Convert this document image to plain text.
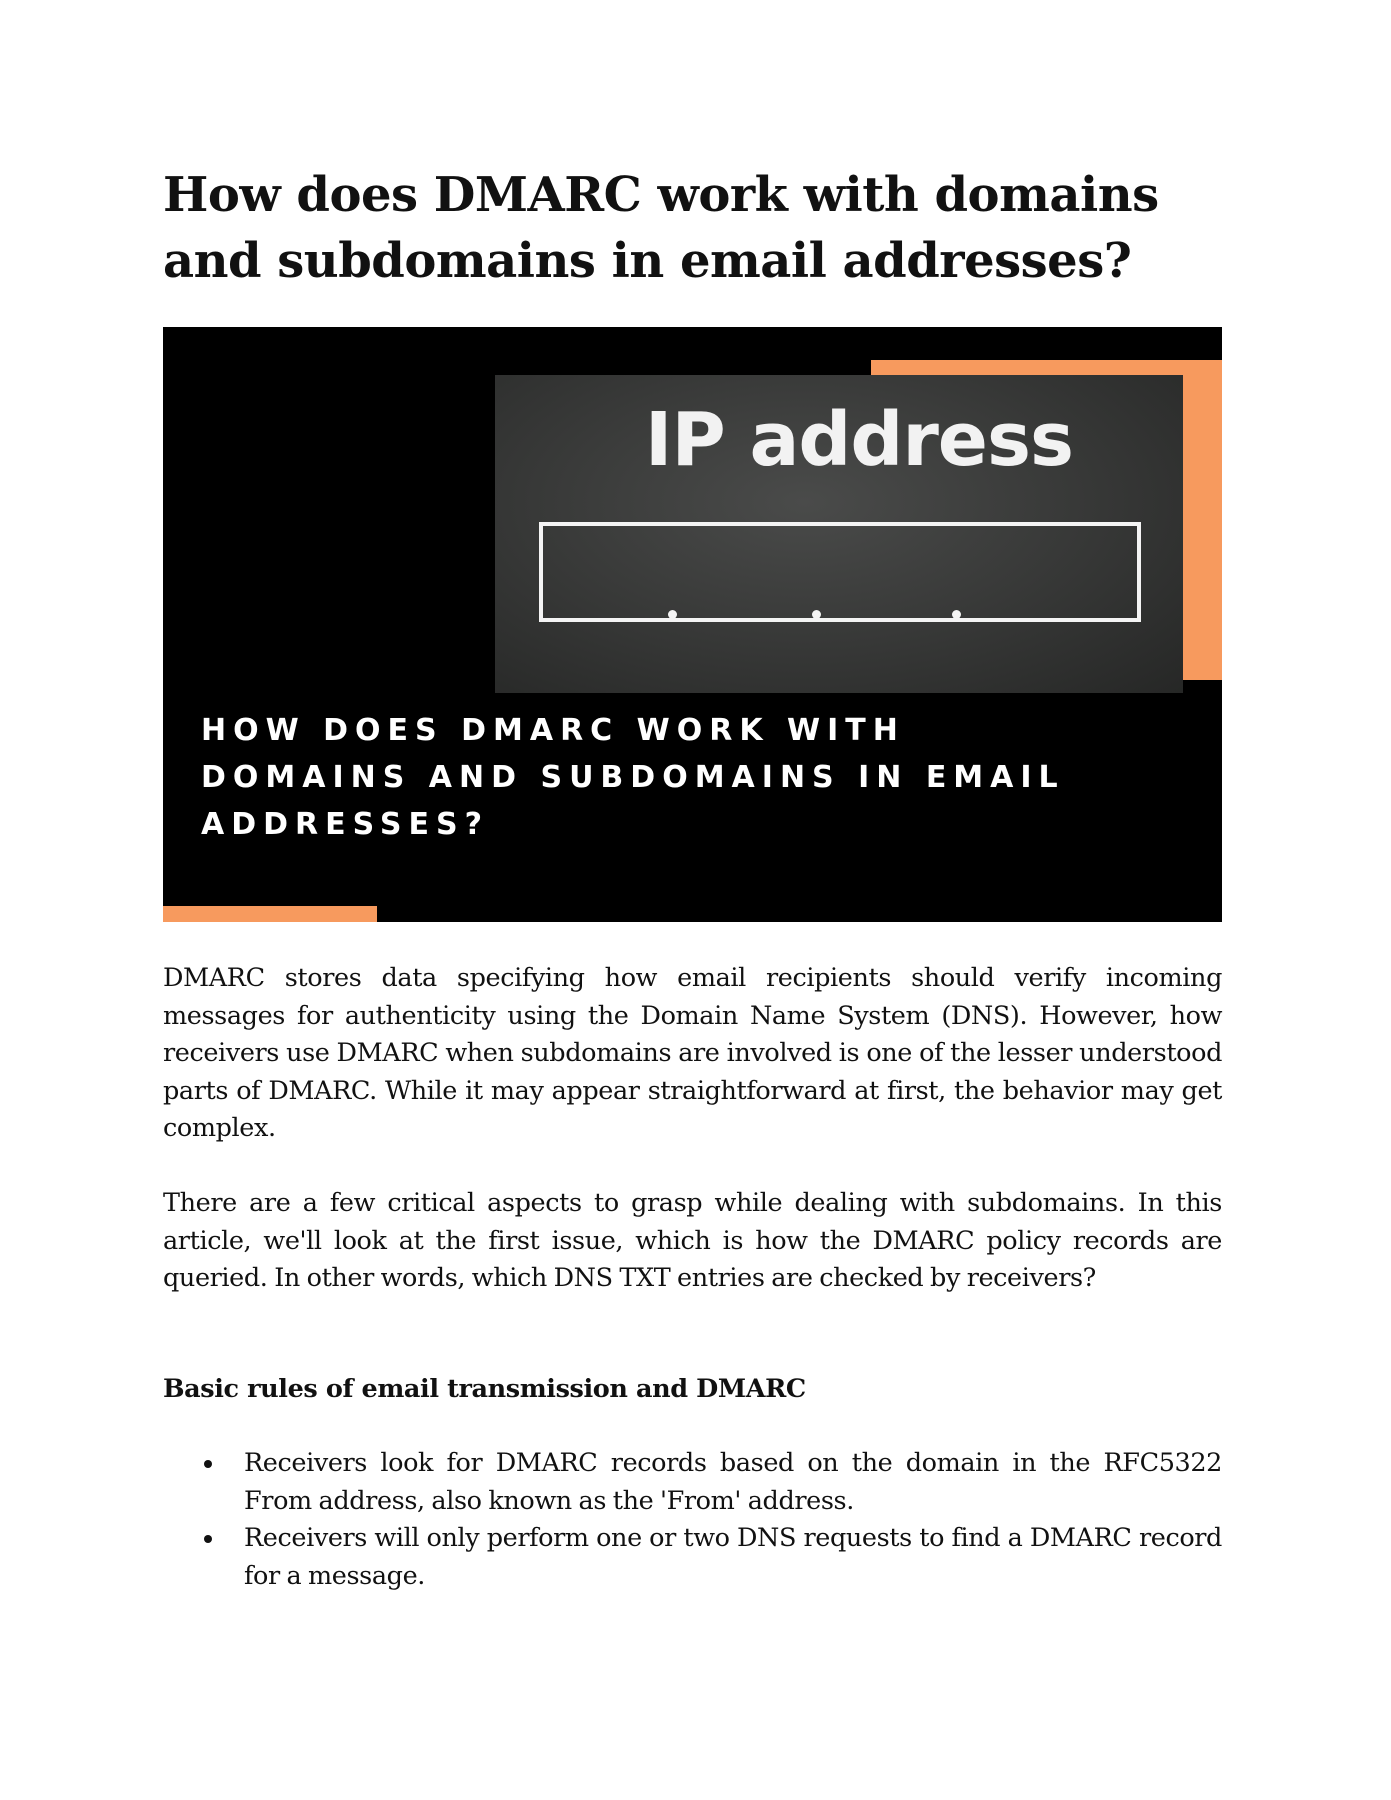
How does DMARC work with domains and subdomains in email addresses?
IP address
HOW DOES DMARC WORK WITH DOMAINS AND SUBDOMAINS IN EMAIL ADDRESSES?

DMARC stores data specifying how email recipients should verify incoming messages for authenticity using the Domain Name System (DNS). However, how receivers use DMARC when subdomains are involved is one of the lesser understood parts of DMARC. While it may appear straightforward at first, the behavior may get complex.

There are a few critical aspects to grasp while dealing with subdomains. In this article, we'll look at the first issue, which is how the DMARC policy records are queried. In other words, which DNS TXT entries are checked by receivers?

Basic rules of email transmission and DMARC
Receivers look for DMARC records based on the domain in the RFC5322 From address, also known as the 'From' address.
Receivers will only perform one or two DNS requests to find a DMARC record for a message.
